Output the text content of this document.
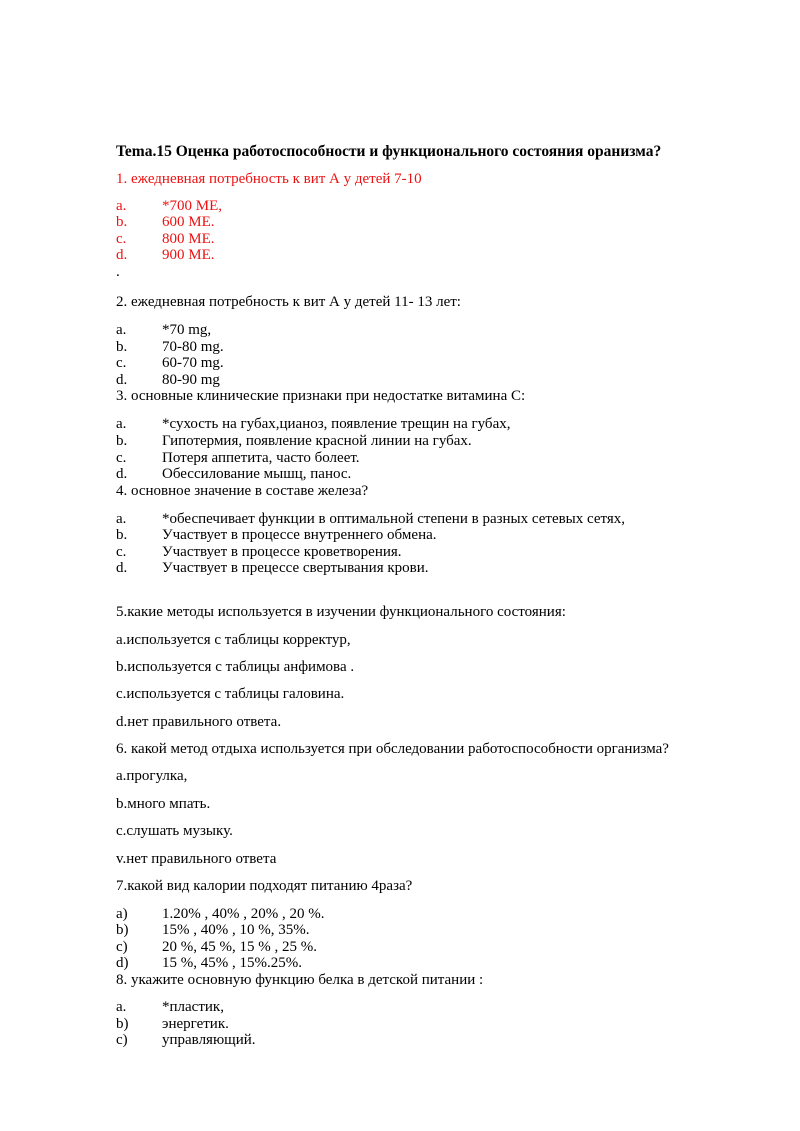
Tema.15 Оценка работоспособности и функционального состояния оранизма?
1. ежедневная потребность к вит А у детей 7-10
a. *700 МЕ,
b. 600 МЕ.
c. 800 МЕ.
d. 900 МЕ.
.
2. ежедневная потребность к вит А у детей 11- 13 лет:
a. *70 mg,
b. 70-80 mg.
c. 60-70 mg.
d. 80-90 mg
3. основные клинические признаки при недостатке витамина С:
a. *сухость на губах,цианоз, появление трещин на губах,
b. Гипотермия, появление красной линии на губах.
c. Потеря аппетита, часто болеет.
d. Обессилование мышц, панос.
4. основное значение в составе железа?
a. *обеспечивает функции в оптимальной степени в разных сетевых сетях,
b. Участвует в процессе внутреннего обмена.
c. Участвует в процессе кроветворения.
d. Участвует в прецессе свертывания крови.
5.какие методы используется в изучении функционального состояния:
a.используется с таблицы корректур,
b.используется с таблицы анфимова .
c.используется с таблицы галовина.
d.нет правильного ответа.
6. какой метод отдыха используется при обследовании работоспособности организма?
a.прогулка,
b.много мпать.
c.слушать музыку.
v.нет правильного ответа
7.какой вид калории подходят питанию 4раза?
a) 1.20% , 40% , 20% , 20 %.
b) 15% , 40% , 10 %, 35%.
c) 20 %, 45 %, 15 % , 25 %.
d) 15 %, 45% , 15%.25%.
8. укажите основную функцию белка в детской питании :
a. *пластик,
b) энергетик.
c) управляющий.
